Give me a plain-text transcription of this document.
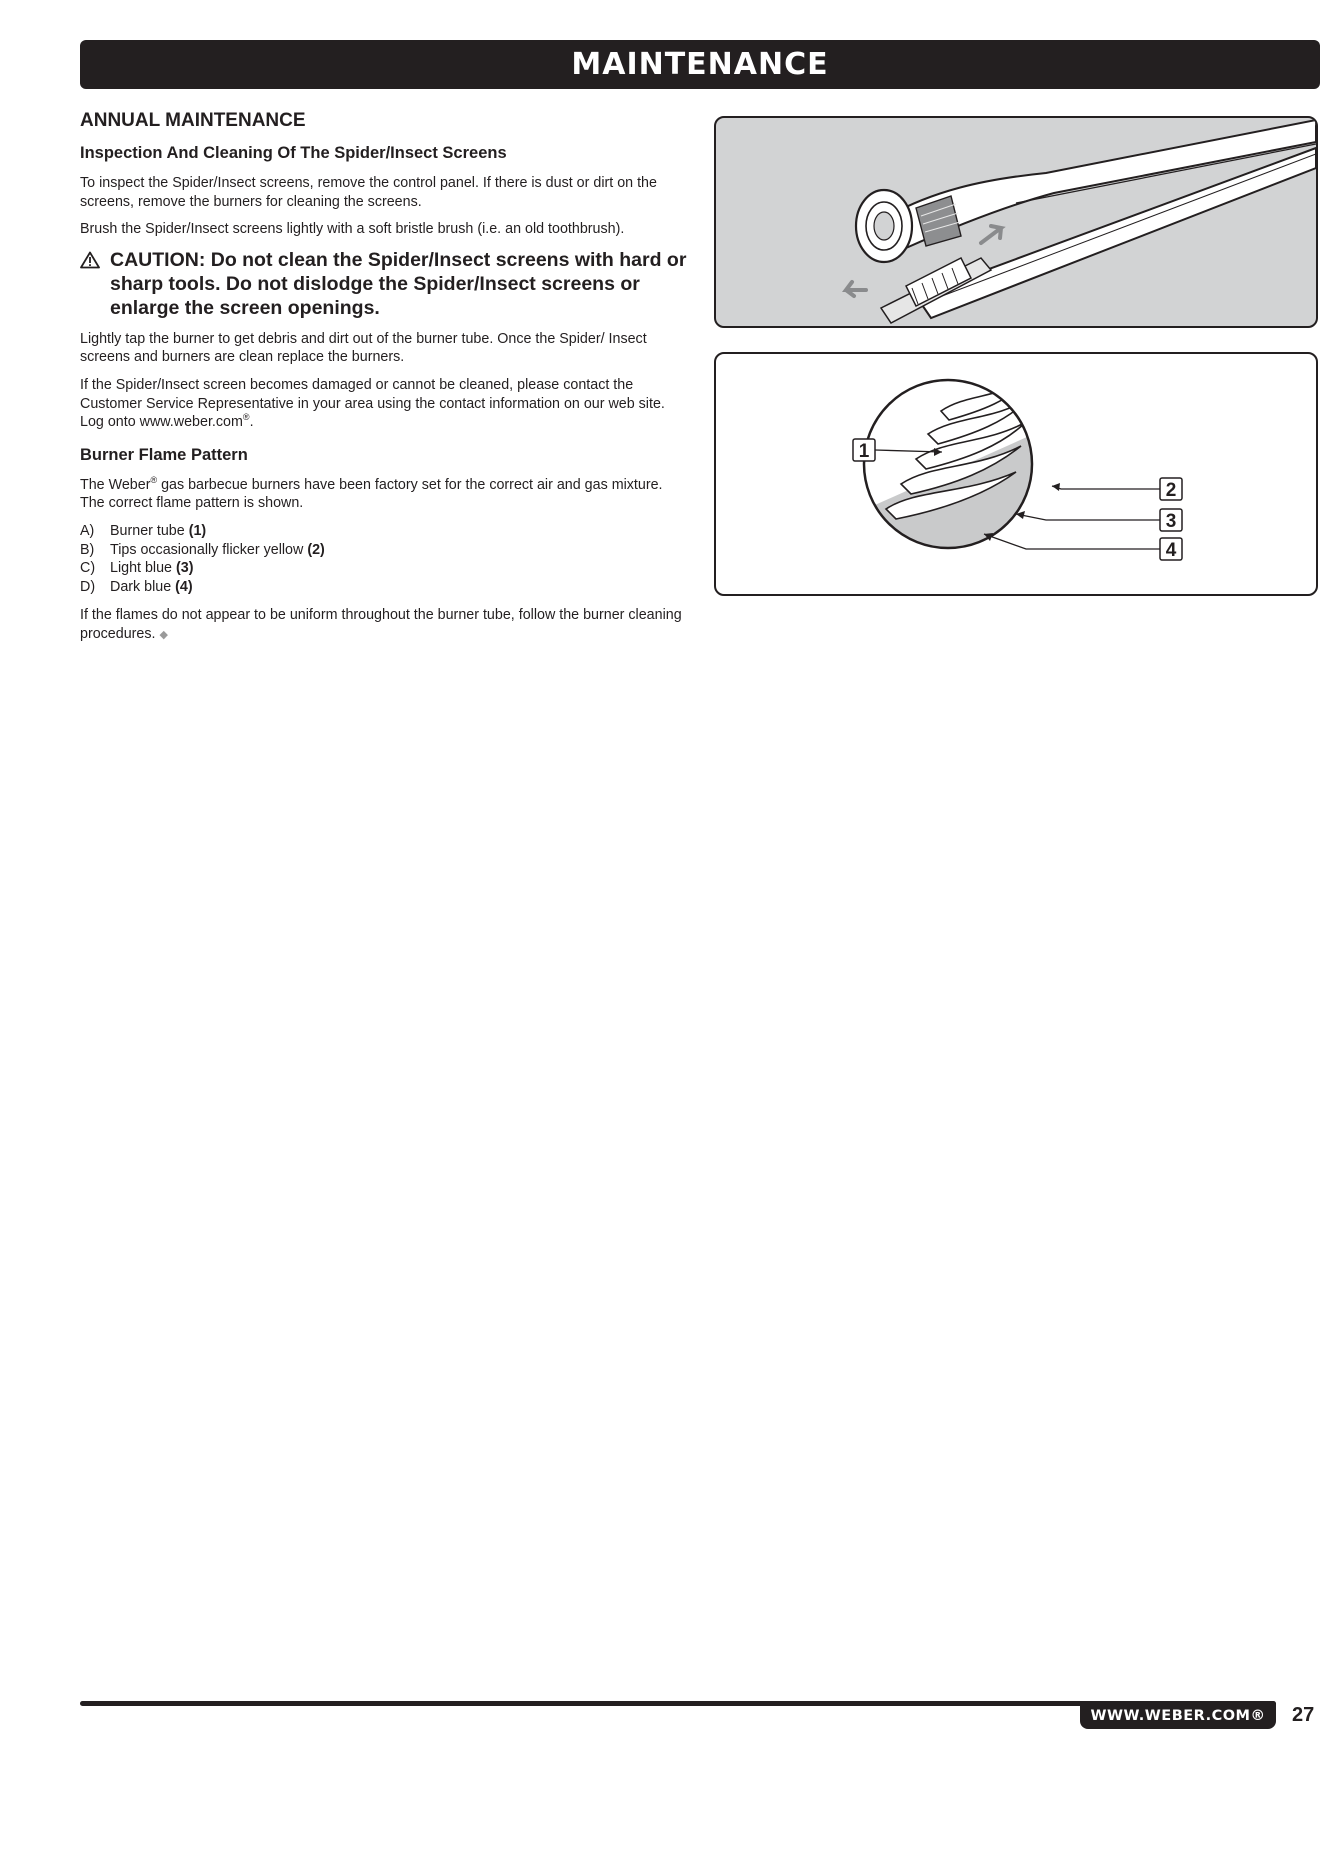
MAINTENANCE
ANNUAL MAINTENANCE
Inspection And Cleaning Of The Spider/Insect Screens

To inspect the Spider/Insect screens, remove the control panel. If there is dust or dirt on the screens, remove the burners for cleaning the screens.

Brush the Spider/Insect screens lightly with a soft bristle brush (i.e. an old toothbrush).

CAUTION: Do not clean the Spider/Insect screens with hard or sharp tools. Do not dislodge the Spider/Insect screens or enlarge the screen openings.

Lightly tap the burner to get debris and dirt out of the burner tube. Once the Spider/ Insect screens and burners are clean replace the burners.

If the Spider/Insect screen becomes damaged or cannot be cleaned, please contact the Customer Service Representative in your area using the contact information on our web site. Log onto www.weber.com®.

Burner Flame Pattern

The Weber® gas barbecue burners have been factory set for the correct air and gas mixture. The correct flame pattern is shown.

A) Burner tube (1)
B) Tips occasionally flicker yellow (2)
C) Light blue (3)
D) Dark blue (4)

If the flames do not appear to be uniform throughout the burner tube, follow the burner cleaning procedures. ◆

1
2
3
4
WWW.WEBER.COM®	27
